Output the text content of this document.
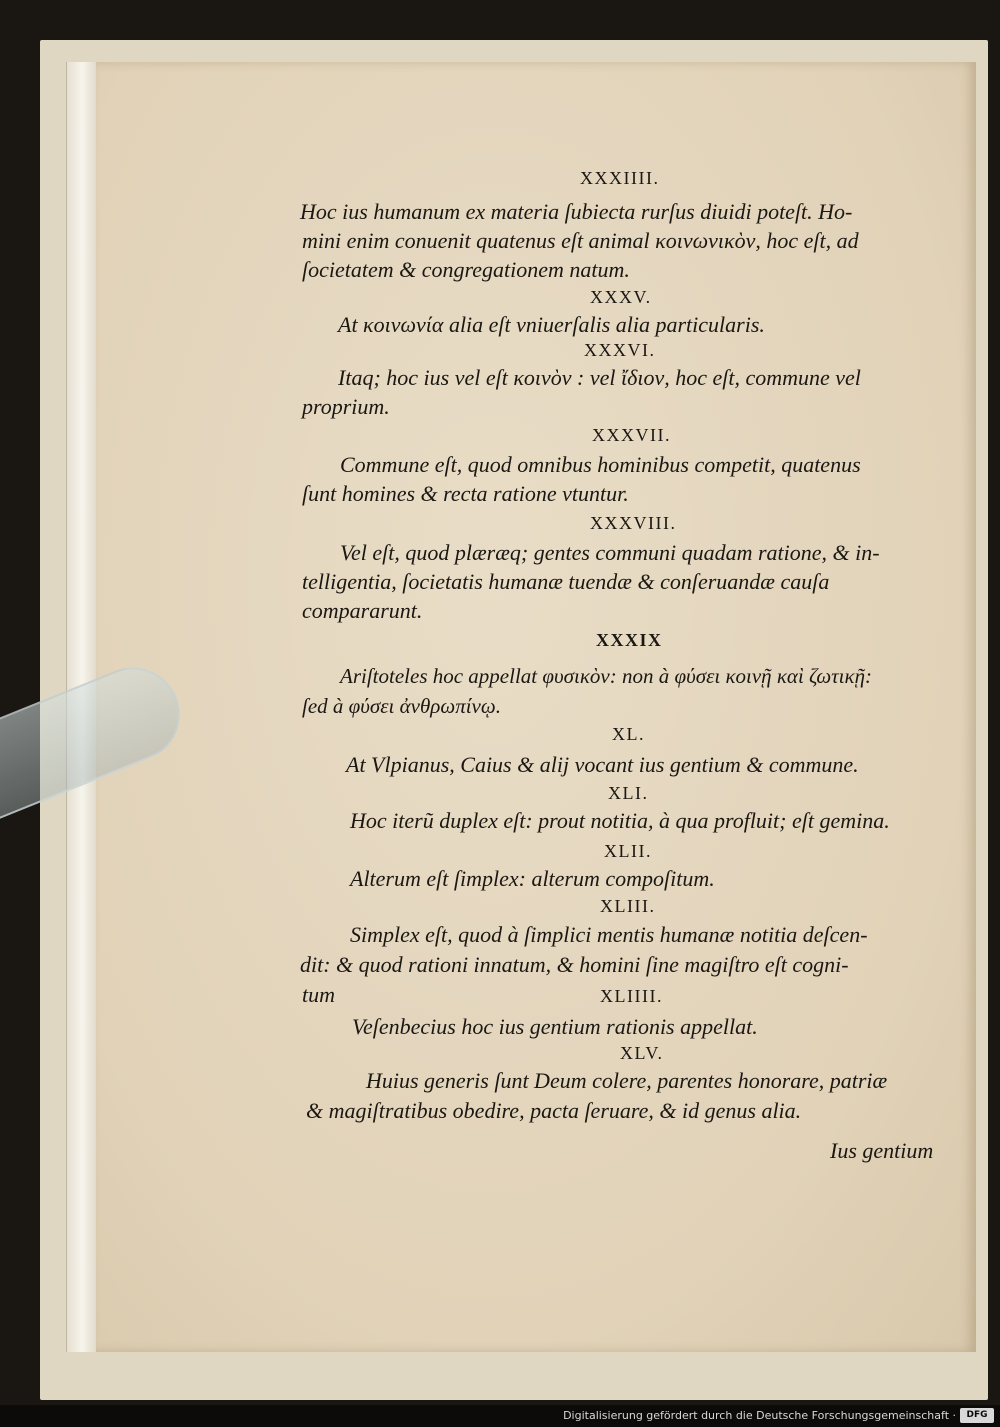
XXXIIII.
Hoc ius humanum ex materia ſubiecta rurſus diuidi poteſt. Ho-
mini enim conuenit quatenus eſt animal κοινωνικὸν, hoc eſt, ad
ſocietatem & congregationem natum.
XXXV.
At κοινωνία alia eſt vniuerſalis alia particularis.
XXXVI.
Itaq; hoc ius vel eſt κοινὸν : vel ἴδιον, hoc eſt, commune vel
proprium.
XXXVII.
Commune eſt, quod omnibus hominibus competit, quatenus
ſunt homines & recta ratione vtuntur.
XXXVIII.
Vel eſt, quod plæræq; gentes communi quadam ratione, & in-
telligentia, ſocietatis humanæ tuendæ & conſeruandæ cauſa
compararunt.
XXXIX
Ariſtoteles hoc appellat φυσικὸν: non à φύσει κοινῇ καὶ ζωτικῇ:
ſed à φύσει ἀνθρωπίνῳ.
XL.
At Vlpianus, Caius & alij vocant ius gentium & commune.
XLI.
Hoc iterũ duplex eſt: prout notitia, à qua profluit; eſt gemina.
XLII.
Alterum eſt ſimplex: alterum compoſitum.
XLIII.
Simplex eſt, quod à ſimplici mentis humanæ notitia deſcen-
dit: & quod rationi innatum, & homini ſine magiſtro eſt cogni-
tum	XLIIII.
Veſenbecius hoc ius gentium rationis appellat.
XLV.
Huius generis ſunt Deum colere, parentes honorare, patriæ
& magiſtratibus obedire, pacta ſeruare, & id genus alia.
Ius gentium
Digitalisierung gefördert durch die Deutsche Forschungsgemeinschaft ·	DFG
